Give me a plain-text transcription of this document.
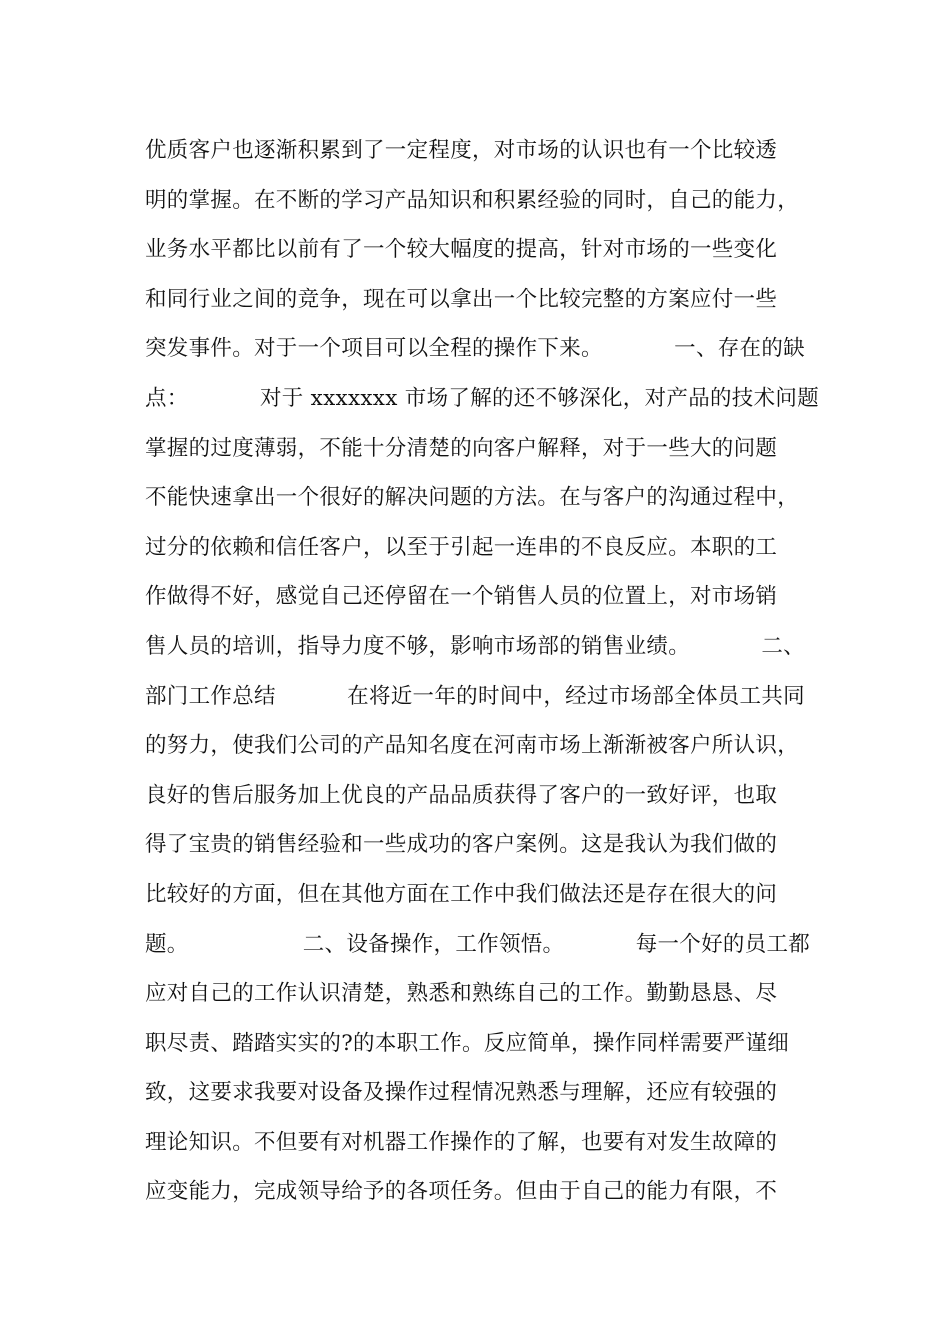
优质客户也逐渐积累到了一定程度，对市场的认识也有一个比较透
明的掌握。在不断的学习产品知识和积累经验的同时，自己的能力，
业务水平都比以前有了一个较大幅度的提高，针对市场的一些变化
和同行业之间的竞争，现在可以拿出一个比较完整的方案应付一些
突发事件。对于一个项目可以全程的操作下来。          一、存在的缺
点：          对于 xxxxxxx 市场了解的还不够深化，对产品的技术问题
掌握的过度薄弱，不能十分清楚的向客户解释，对于一些大的问题
不能快速拿出一个很好的解决问题的方法。在与客户的沟通过程中，
过分的依赖和信任客户，以至于引起一连串的不良反应。本职的工
作做得不好，感觉自己还停留在一个销售人员的位置上，对市场销
售人员的培训，指导力度不够，影响市场部的销售业绩。          二、
部门工作总结          在将近一年的时间中，经过市场部全体员工共同
的努力，使我们公司的产品知名度在河南市场上渐渐被客户所认识，
良好的售后服务加上优良的产品品质获得了客户的一致好评，也取
得了宝贵的销售经验和一些成功的客户案例。这是我认为我们做的
比较好的方面，但在其他方面在工作中我们做法还是存在很大的问
题。                二、设备操作，工作领悟。          每一个好的员工都
应对自己的工作认识清楚，熟悉和熟练自己的工作。勤勤恳恳、尽
职尽责、踏踏实实的?的本职工作。反应简单，操作同样需要严谨细
致，这要求我要对设备及操作过程情况熟悉与理解，还应有较强的
理论知识。不但要有对机器工作操作的了解，也要有对发生故障的
应变能力，完成领导给予的各项任务。但由于自己的能力有限，不
